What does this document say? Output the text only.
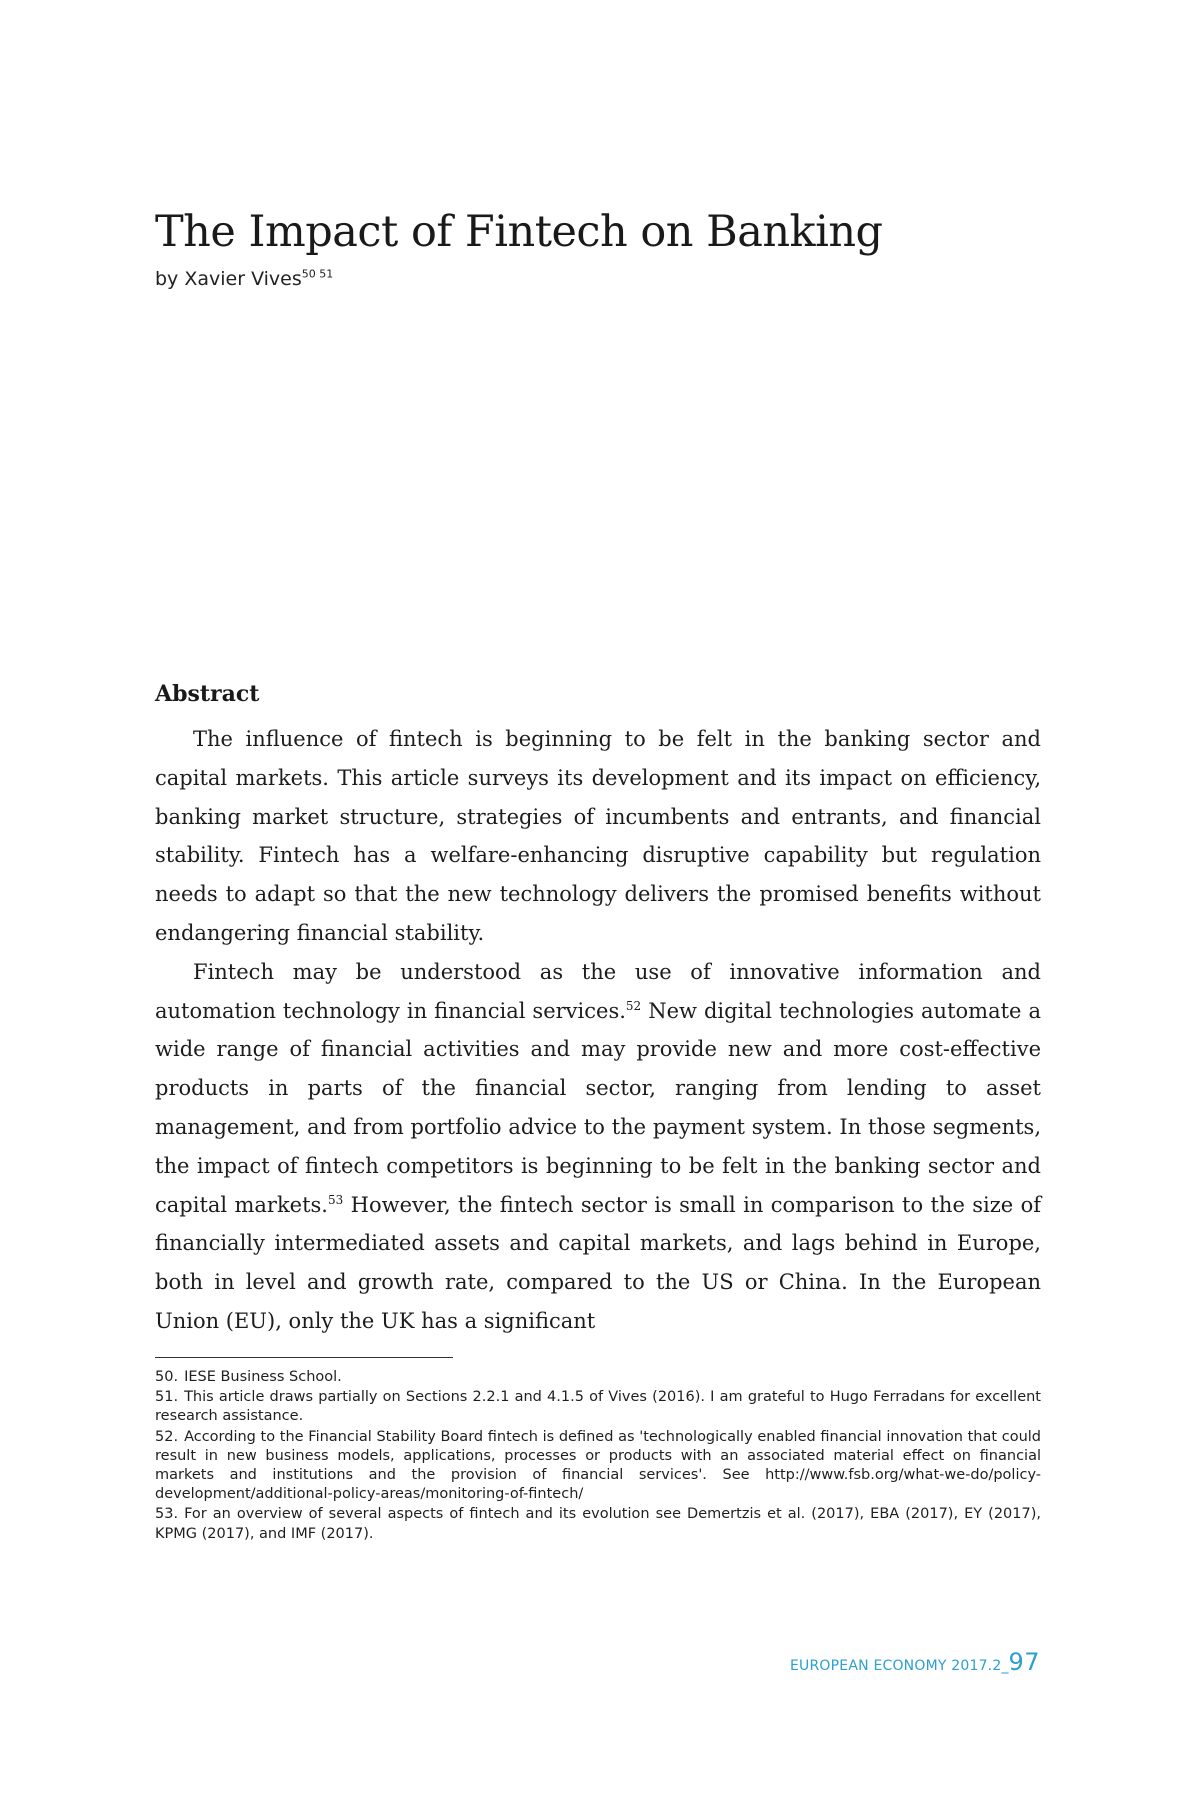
The Impact of Fintech on Banking
by Xavier Vives$^{50 51}$
Abstract

The influence of fintech is beginning to be felt in the banking sector and capital markets. This article surveys its development and its impact on efficiency, banking market structure, strategies of incumbents and entrants, and financial stability. Fintech has a welfare-enhancing disruptive capability but regulation needs to adapt so that the new technology delivers the promised benefits without endangering financial stability.

Fintech may be understood as the use of innovative information and automation technology in financial services.$^{52}$ New digital technologies automate a wide range of financial activities and may provide new and more cost-effective products in parts of the financial sector, ranging from lending to asset management, and from portfolio advice to the payment system. In those segments, the impact of fintech competitors is beginning to be felt in the banking sector and capital markets.$^{53}$ However, the fintech sector is small in comparison to the size of financially intermediated assets and capital markets, and lags behind in Europe, both in level and growth rate, compared to the US or China. In the European Union (EU), only the UK has a significant

50. IESE Business School.
51. This article draws partially on Sections 2.2.1 and 4.1.5 of Vives (2016). I am grateful to Hugo Ferradans for excellent research assistance.
52. According to the Financial Stability Board fintech is defined as 'technologically enabled financial innovation that could result in new business models, applications, processes or products with an associated material effect on financial markets and institutions and the provision of financial services'. See http://www.fsb.org/what-we-do/policy-development/additional-policy-areas/monitoring-of-fintech/
53. For an overview of several aspects of fintech and its evolution see Demertzis et al. (2017), EBA (2017), EY (2017), KPMG (2017), and IMF (2017).
EUROPEAN ECONOMY 2017.2_97
